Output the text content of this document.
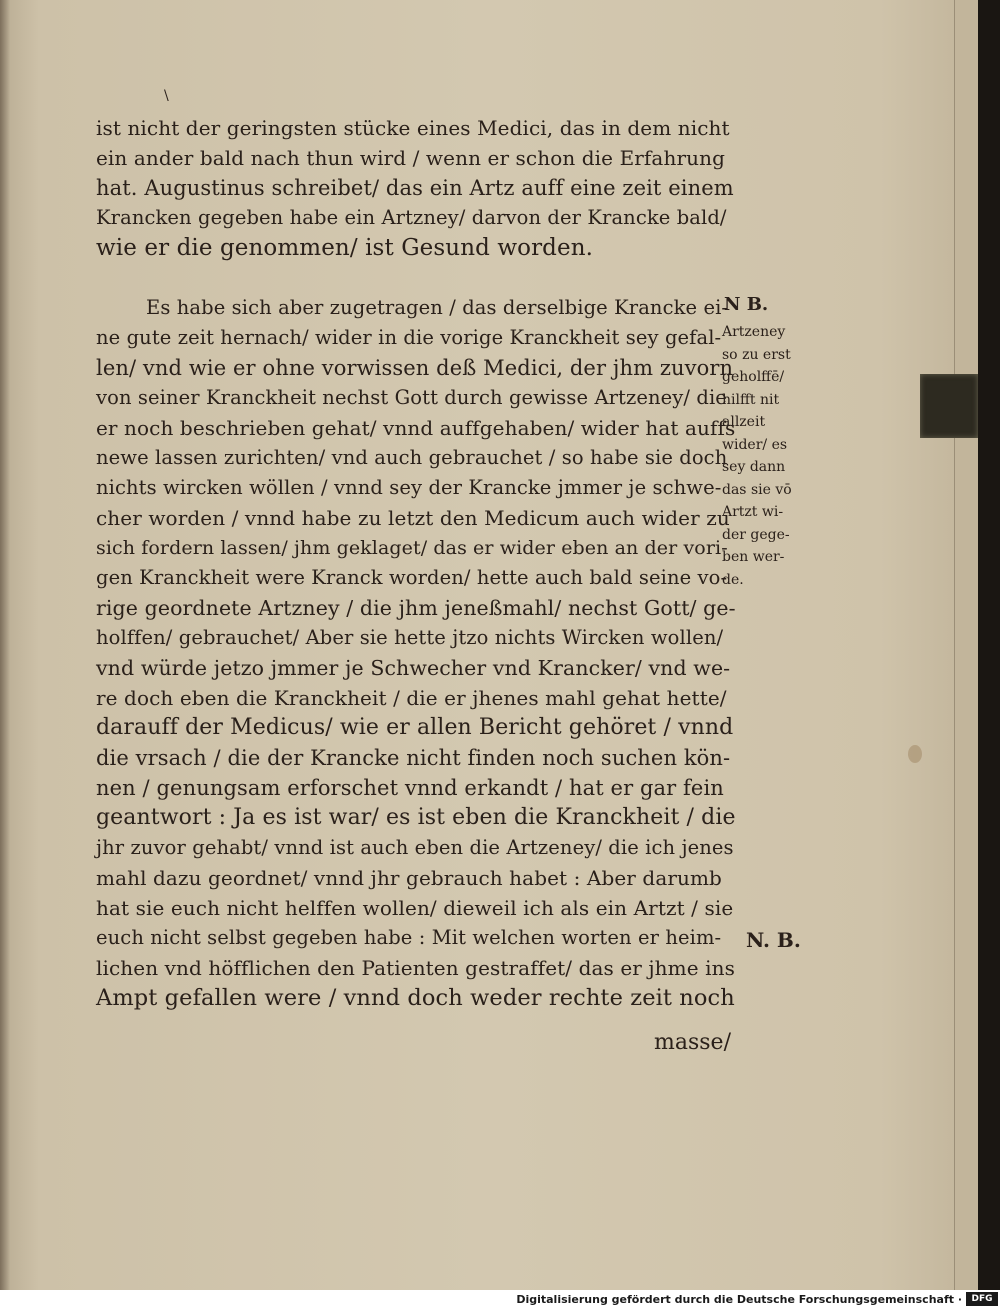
\
ist nicht der geringsten stücke eines Medici, das in dem nicht
ein ander bald nach thun wird / wenn er schon die Erfahrung
hat. Augustinus schreibet/ das ein Artz auff eine zeit einem
Krancken gegeben habe ein Artzney/ darvon der Krancke bald/
wie er die genommen/ ist Gesund worden.
Es habe sich aber zugetragen / das derselbige Krancke ei-
ne gute zeit hernach/ wider in die vorige Kranckheit sey gefal-
len/ vnd wie er ohne vorwissen deß Medici, der jhm zuvorn
von seiner Kranckheit nechst Gott durch gewisse Artzeney/ die
er noch beschrieben gehat/ vnnd auffgehaben/ wider hat auffs
newe lassen zurichten/ vnd auch gebrauchet / so habe sie doch
nichts wircken wöllen / vnnd sey der Krancke jmmer je schwe-
cher worden / vnnd habe zu letzt den Medicum auch wider zu
sich fordern lassen/ jhm geklaget/ das er wider eben an der vori-
gen Kranckheit were Kranck worden/ hette auch bald seine vo-
rige geordnete Artzney / die jhm jeneßmahl/ nechst Gott/ ge-
holffen/ gebrauchet/ Aber sie hette jtzo nichts Wircken wollen/
vnd würde jetzo jmmer je Schwecher vnd Krancker/ vnd we-
re doch eben die Kranckheit / die er jhenes mahl gehat hette/
darauff der Medicus/ wie er allen Bericht gehöret / vnnd
die vrsach / die der Krancke nicht finden noch suchen kön-
nen / genungsam erforschet vnnd erkandt / hat er gar fein
geantwort : Ja es ist war/ es ist eben die Kranckheit / die
jhr zuvor gehabt/ vnnd ist auch eben die Artzeney/ die ich jenes
mahl dazu geordnet/ vnnd jhr gebrauch habet : Aber darumb
hat sie euch nicht helffen wollen/ dieweil ich als ein Artzt / sie
euch nicht selbst gegeben habe : Mit welchen worten er heim-
lichen vnd höfflichen den Patienten gestraffet/ das er jhme ins
Ampt gefallen were / vnnd doch weder rechte zeit noch
N B.
Artzeney
so zu erst
geholffē/
hilfft nit
allzeit
wider/ es
sey dann
das sie vō
Artzt wi-
der gege-
ben wer-
de.
N. B.
masse/
Digitalisierung gefördert durch die Deutsche Forschungsgemeinschaft ·	DFG
